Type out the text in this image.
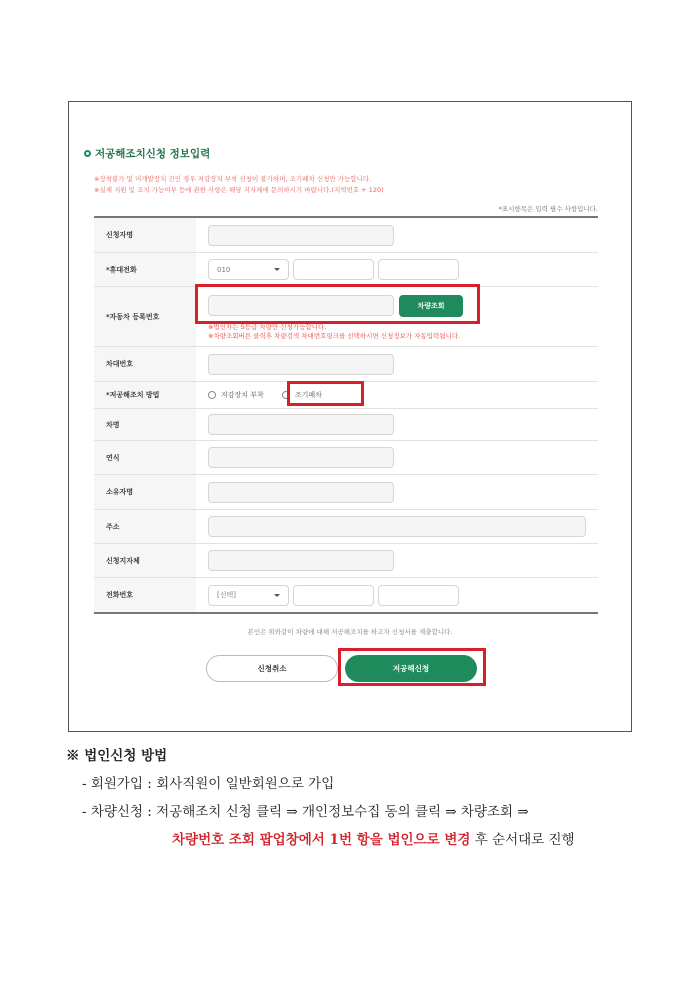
저공해조치신청 정보입력
※장착불가 및 미개발장치 건인 경우 저감장치 부착 신청이 불가하며, 조기폐차 신청만 가능합니다.
※실제 지원 및 조치 가능여부 등에 관한 사항은 해당 지자체에 문의하시기 바랍니다.(지역번호 + 120)
*표시항목은 입력 필수 사항입니다.
신청자명
*휴대전화	010
*자동차 등록번호
차량조회
※법인차는 5등급 차량만 신청가능합니다.
※차량조회버튼 클릭후 차량검색 차대번호링크를 선택하시면 신청정보가 자동입력됩니다.
차대번호
*저공해조치 방법	저감장치 부착	조기폐차
차명
연식
소유자명
주소
신청지자체
전화번호	[선택]
본인은 위와같이 차량에 대해 저공해조치를 하고자 신청서를 제출합니다.
신청취소	저공해신청
※ 법인신청 방법
- 회원가입 : 회사직원이 일반회원으로 가입
- 차량신청 : 저공해조치 신청 클릭 ⇒ 개인정보수집 동의 클릭 ⇒ 차량조회 ⇒
차량번호 조회 팝업창에서 1번 항을 법인으로 변경 후 순서대로 진행
